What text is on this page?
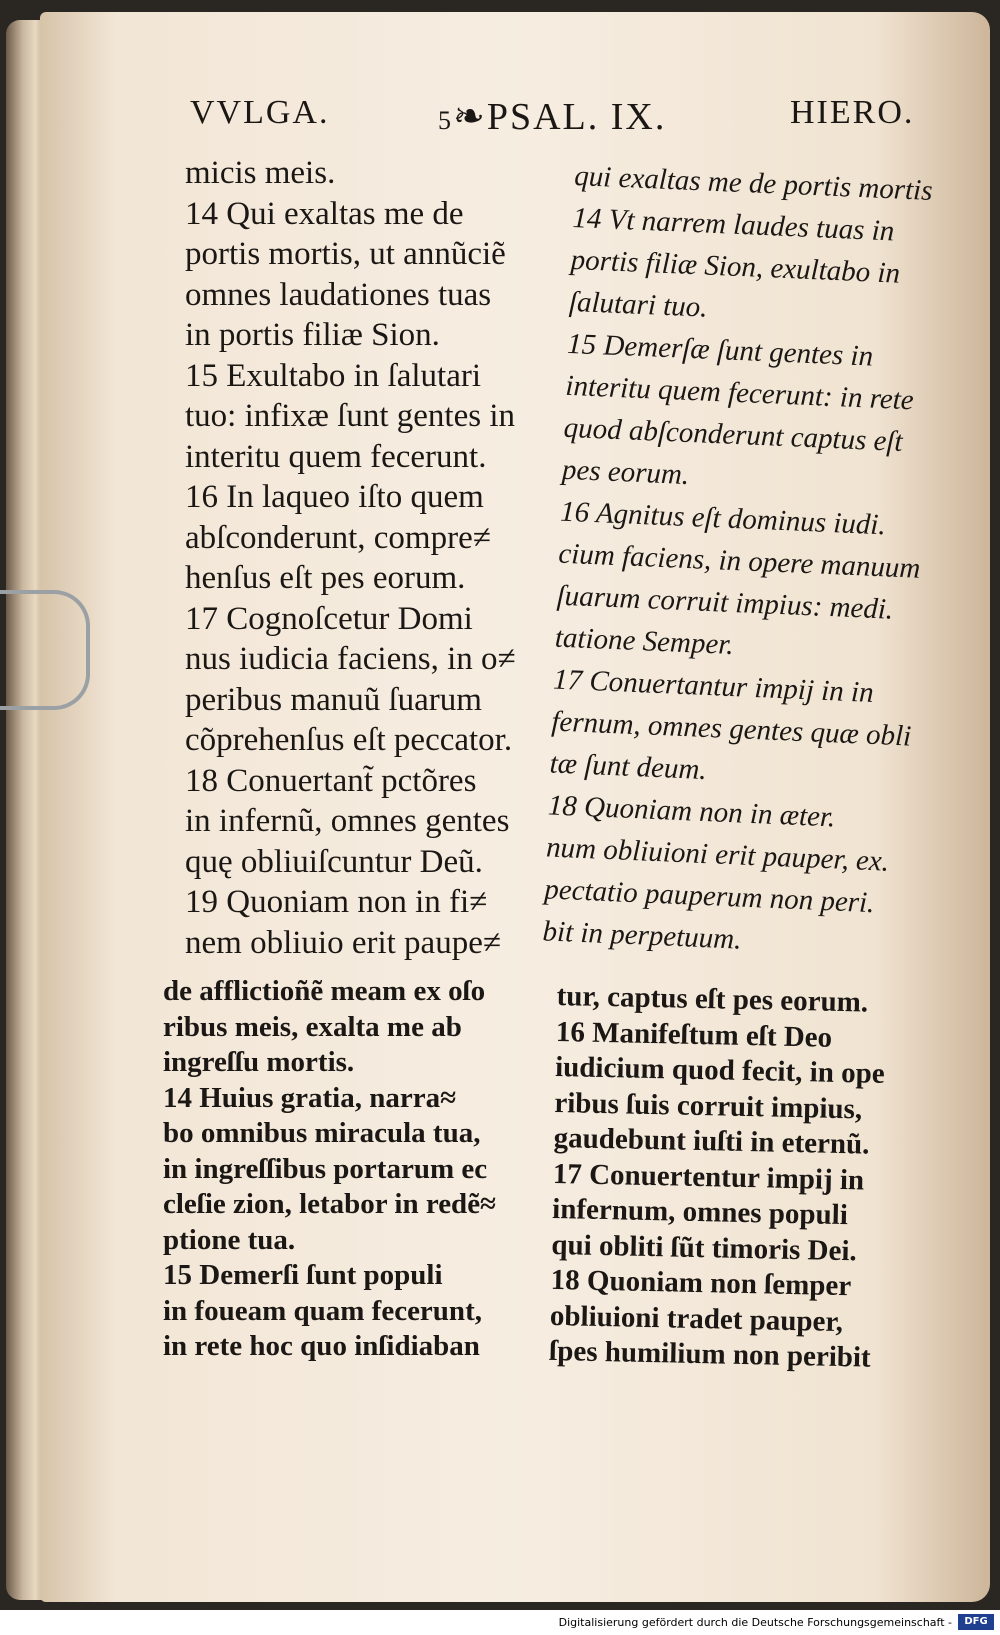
VVLGA.	5❧PSAL. IX.	HIERO.
micis meis.
14 Qui exaltas me de
portis mortis, ut annũciẽ
omnes laudationes tuas
in portis filiæ Sion.
15 Exultabo in ſalutari
tuo: infixæ ſunt gentes in
interitu quem fecerunt.
16 In laqueo iſto quem
abſconderunt, compre≠
henſus eſt pes eorum.
17 Cognoſcetur Domi
nus iudicia faciens, in o≠
peribus manuũ ſuarum
cõprehenſus eſt peccator.
18 Conuertant̃ pctõres
in infernũ, omnes gentes
quę obliuiſcuntur Deũ.
19 Quoniam non in fi≠
nem obliuio erit paupe≠
qui exaltas me de portis mortis
14 Vt narrem laudes tuas in
portis filiæ Sion, exultabo in
ſalutari tuo.
15 Demerſæ ſunt gentes in
interitu quem fecerunt: in rete
quod abſconderunt captus eſt
pes eorum.
16 Agnitus eſt dominus iudi.
cium faciens, in opere manuum
ſuarum corruit impius: medi.
tatione Semper.
17 Conuertantur impij in in
fernum, omnes gentes quæ obli
tæ ſunt deum.
18 Quoniam non in æter.
num obliuioni erit pauper, ex.
pectatio pauperum non peri.
bit in perpetuum.
de afflictioñẽ meam ex oſo
ribus meis, exalta me ab
ingreſſu mortis.
14 Huius gratia, narra≈
bo omnibus miracula tua,
in ingreſſibus portarum ec
cleſie zion, letabor in redẽ≈
ptione tua.
15 Demerſi ſunt populi
in foueam quam fecerunt,
in rete hoc quo inſidiaban
tur, captus eſt pes eorum.
16 Manifeſtum eſt Deo
iudicium quod fecit, in ope
ribus ſuis corruit impius,
gaudebunt iuſti in eternũ.
17 Conuertentur impij in
infernum, omnes populi
qui obliti ſũt timoris Dei.
18 Quoniam non ſemper
obliuioni tradet pauper,
ſpes humilium non peribit
Digitalisierung gefördert durch die Deutsche Forschungsgemeinschaft -	DFG
